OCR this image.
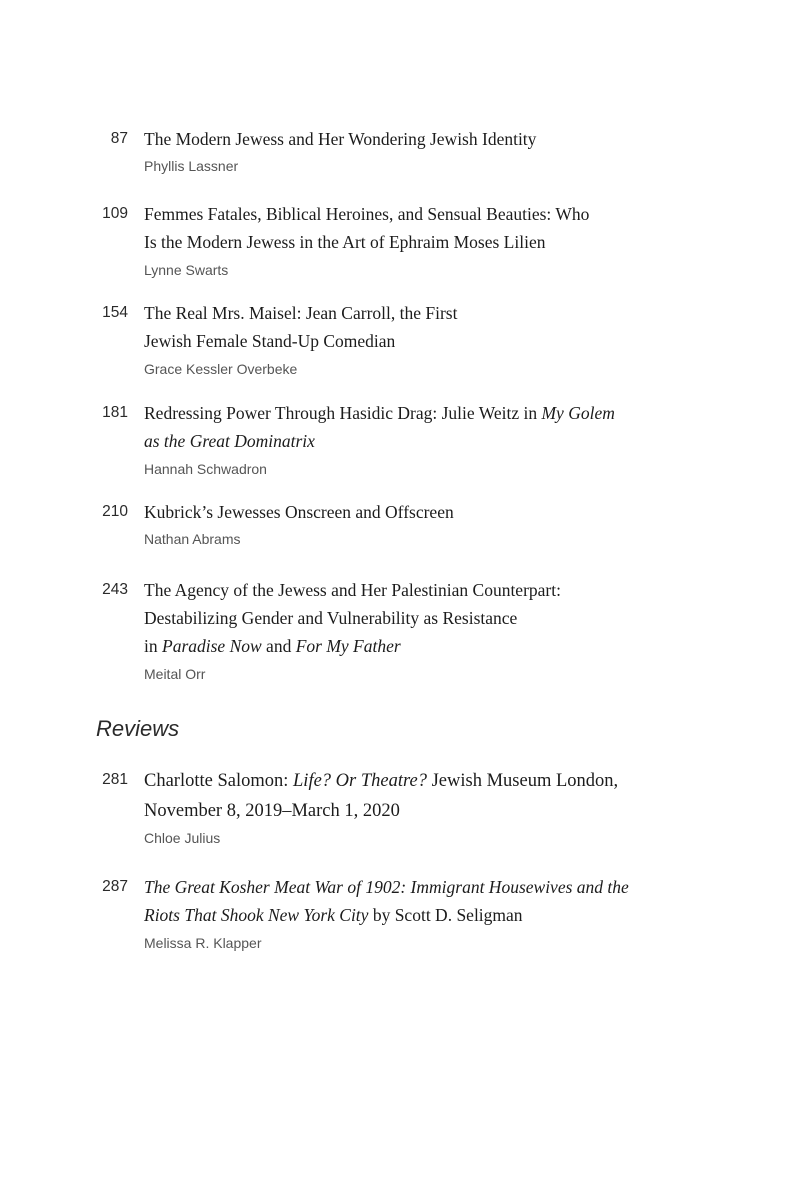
87 The Modern Jewess and Her Wondering Jewish Identity
Phyllis Lassner
109 Femmes Fatales, Biblical Heroines, and Sensual Beauties: Who
Is the Modern Jewess in the Art of Ephraim Moses Lilien
Lynne Swarts
154 The Real Mrs. Maisel: Jean Carroll, the First
Jewish Female Stand-Up Comedian
Grace Kessler Overbeke
181 Redressing Power Through Hasidic Drag: Julie Weitz in My Golem
as the Great Dominatrix
Hannah Schwadron
210 Kubrick’s Jewesses Onscreen and Offscreen
Nathan Abrams
243 The Agency of the Jewess and Her Palestinian Counterpart:
Destabilizing Gender and Vulnerability as Resistance
in Paradise Now and For My Father
Meital Orr
Reviews
281 Charlotte Salomon: Life? Or Theatre? Jewish Museum London,
November 8, 2019–March 1, 2020
Chloe Julius
287 The Great Kosher Meat War of 1902: Immigrant Housewives and the
Riots That Shook New York City by Scott D. Seligman
Melissa R. Klapper
